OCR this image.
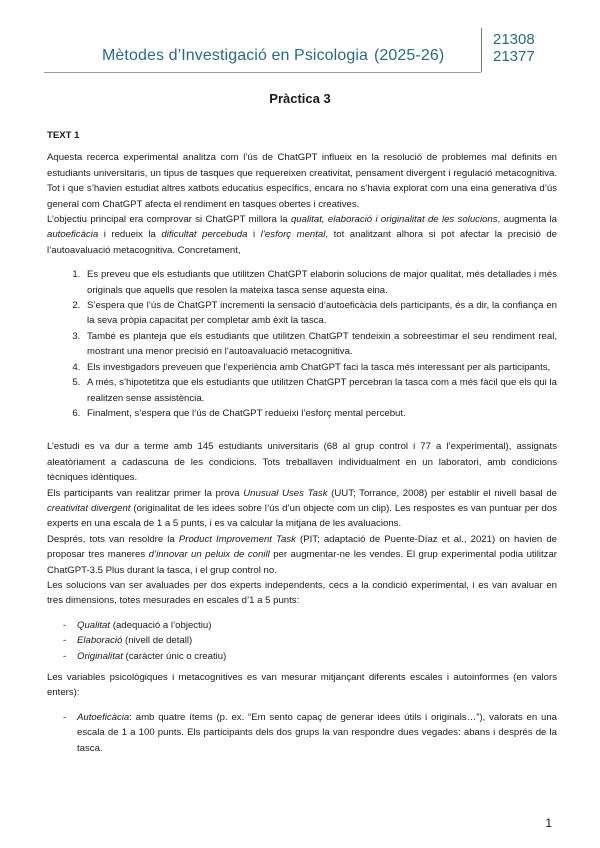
Mètodes d’Investigació en Psicologia (2025-26)
21308
21377
Pràctica 3

TEXT 1

Aquesta recerca experimental analitza com l’ús de ChatGPT influeix en la resolució de problemes mal definits en estudiants universitaris, un tipus de tasques que requereixen creativitat, pensament divergent i regulació metacognitiva. Tot i que s’havien estudiat altres xatbots educatius específics, encara no s’havia explorat com una eina generativa d’ús general com ChatGPT afecta el rendiment en tasques obertes i creatives.

L’objectiu principal era comprovar si ChatGPT millora la qualitat, elaboració i originalitat de les solucions, augmenta la autoeficàcia i redueix la dificultat percebuda i l’esforç mental, tot analitzant alhora si pot afectar la precisió de l’autoavaluació metacognitiva. Concretament,

1. Es preveu que els estudiants que utilitzen ChatGPT elaborin solucions de major qualitat, més detallades i més originals que aquells que resolen la mateixa tasca sense aquesta eina.
2. S’espera que l’ús de ChatGPT incrementi la sensació d’autoeficàcia dels participants, és a dir, la confiança en la seva pròpia capacitat per completar amb èxit la tasca.
3. També es planteja que els estudiants que utilitzen ChatGPT tendeixin a sobreestimar el seu rendiment real, mostrant una menor precisió en l’autoavaluació metacognitiva.
4. Els investigadors preveuen que l’experiència amb ChatGPT faci la tasca més interessant per als participants,
5. A més, s’hipotetitza que els estudiants que utilitzen ChatGPT percebran la tasca com a més fàcil que els qui la realitzen sense assistència.
6. Finalment, s’espera que l’ús de ChatGPT redueixi l’esforç mental percebut.

L’estudi es va dur a terme amb 145 estudiants universitaris (68 al grup control i 77 a l’experimental), assignats aleatòriament a cadascuna de les condicions. Tots treballaven individualment en un laboratori, amb condicions tècniques idèntiques.

Els participants van realitzar primer la prova Unusual Uses Task (UUT; Torrance, 2008) per establir el nivell basal de creativitat divergent (originalitat de les idees sobre l’ús d’un objecte com un clip). Les respostes es van puntuar per dos experts en una escala de 1 a 5 punts, i es va calcular la mitjana de les avaluacions.

Després, tots van resoldre la Product Improvement Task (PIT; adaptació de Puente-Díaz et al., 2021) on havien de proposar tres maneres d’innovar un peluix de conill per augmentar-ne les vendes. El grup experimental podia utilitzar ChatGPT-3.5 Plus durant la tasca, i el grup control no.

Les solucions van ser avaluades per dos experts independents, cecs a la condició experimental, i es van avaluar en tres dimensions, totes mesurades en escales d’1 a 5 punts:

- Qualitat (adequació a l’objectiu)
- Elaboració (nivell de detall)
- Originalitat (caràcter únic o creatiu)

Les variables psicològiques i metacognitives es van mesurar mitjançant diferents escales i autoinformes (en valors enters):

- Autoeficàcia: amb quatre ítems (p. ex. “Em sento capaç de generar idees útils i originals…”), valorats en una escala de 1 a 100 punts. Els participants dels dos grups la van respondre dues vegades: abans i després de la tasca.
1
